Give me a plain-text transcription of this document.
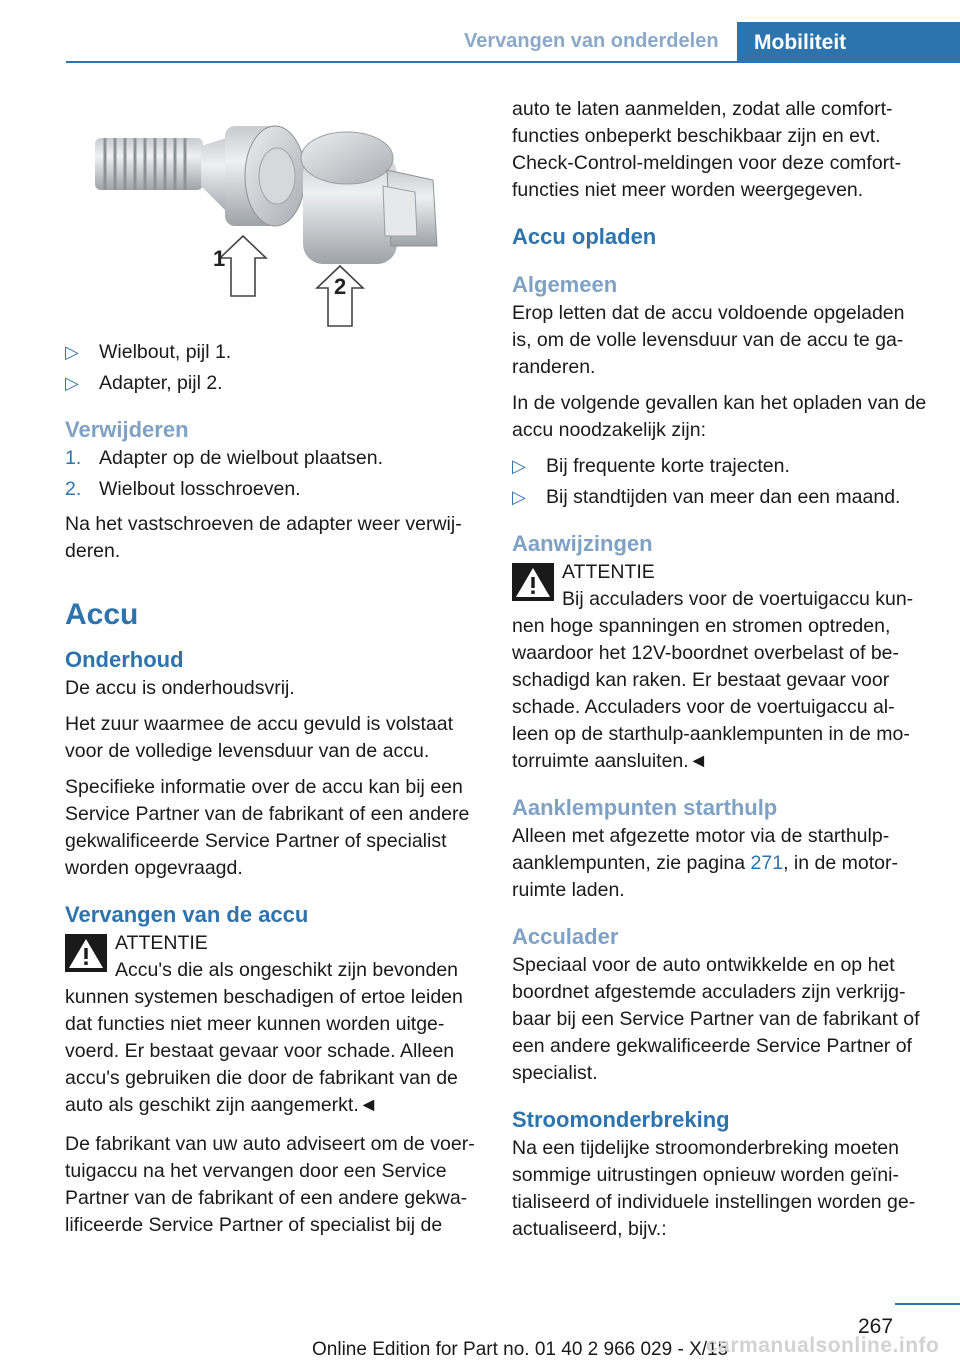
Vervangen van onderdelen	Mobiliteit
1
2
▷ Wielbout, pijl 1.
▷ Adapter, pijl 2.
Verwijderen
1. Adapter op de wielbout plaatsen.
2. Wielbout losschroeven.

Na het vastschroeven de adapter weer verwij-deren.

Accu
Onderhoud

De accu is onderhoudsvrij.

Het zuur waarmee de accu gevuld is volstaat voor de volledige levensduur van de accu.

Specifieke informatie over de accu kan bij een Service Partner van de fabrikant of een andere gekwalificeerde Service Partner of specialist worden opgevraagd.

Vervangen van de accu

ATTENTIE
Accu's die als ongeschikt zijn bevonden

kunnen systemen beschadigen of ertoe leiden dat functies niet meer kunnen worden uitge-voerd. Er bestaat gevaar voor schade. Alleen accu's gebruiken die door de fabrikant van de auto als geschikt zijn aangemerkt.◄

De fabrikant van uw auto adviseert om de voer-tuigaccu na het vervangen door een Service Partner van de fabrikant of een andere gekwa-lificeerde Service Partner of specialist bij de

auto te laten aanmelden, zodat alle comfort-functies onbeperkt beschikbaar zijn en evt. Check-Control-meldingen voor deze comfort-functies niet meer worden weergegeven.

Accu opladen
Algemeen

Erop letten dat de accu voldoende opgeladen is, om de volle levensduur van de accu te ga-randeren.

In de volgende gevallen kan het opladen van de accu noodzakelijk zijn:

▷ Bij frequente korte trajecten.
▷ Bij standtijden van meer dan een maand.
Aanwijzingen

ATTENTIE
Bij acculaders voor de voertuigaccu kun-

nen hoge spanningen en stromen optreden, waardoor het 12V-boordnet overbelast of be-schadigd kan raken. Er bestaat gevaar voor schade. Acculaders voor de voertuigaccu al-leen op de starthulp-aanklempunten in de mo-torruimte aansluiten.◄

Aanklempunten starthulp

Alleen met afgezette motor via de starthulp-aanklempunten, zie pagina 271, in de motor-ruimte laden.

Acculader

Speciaal voor de auto ontwikkelde en op het boordnet afgestemde acculaders zijn verkrijg-baar bij een Service Partner van de fabrikant of een andere gekwalificeerde Service Partner of specialist.

Stroomonderbreking

Na een tijdelijke stroomonderbreking moeten sommige uitrustingen opnieuw worden geïni-tialiseerd of individuele instellingen worden ge-actualiseerd, bijv.:

267
Online Edition for Part no. 01 40 2 966 029 - X/15
carmanualsonline.info
